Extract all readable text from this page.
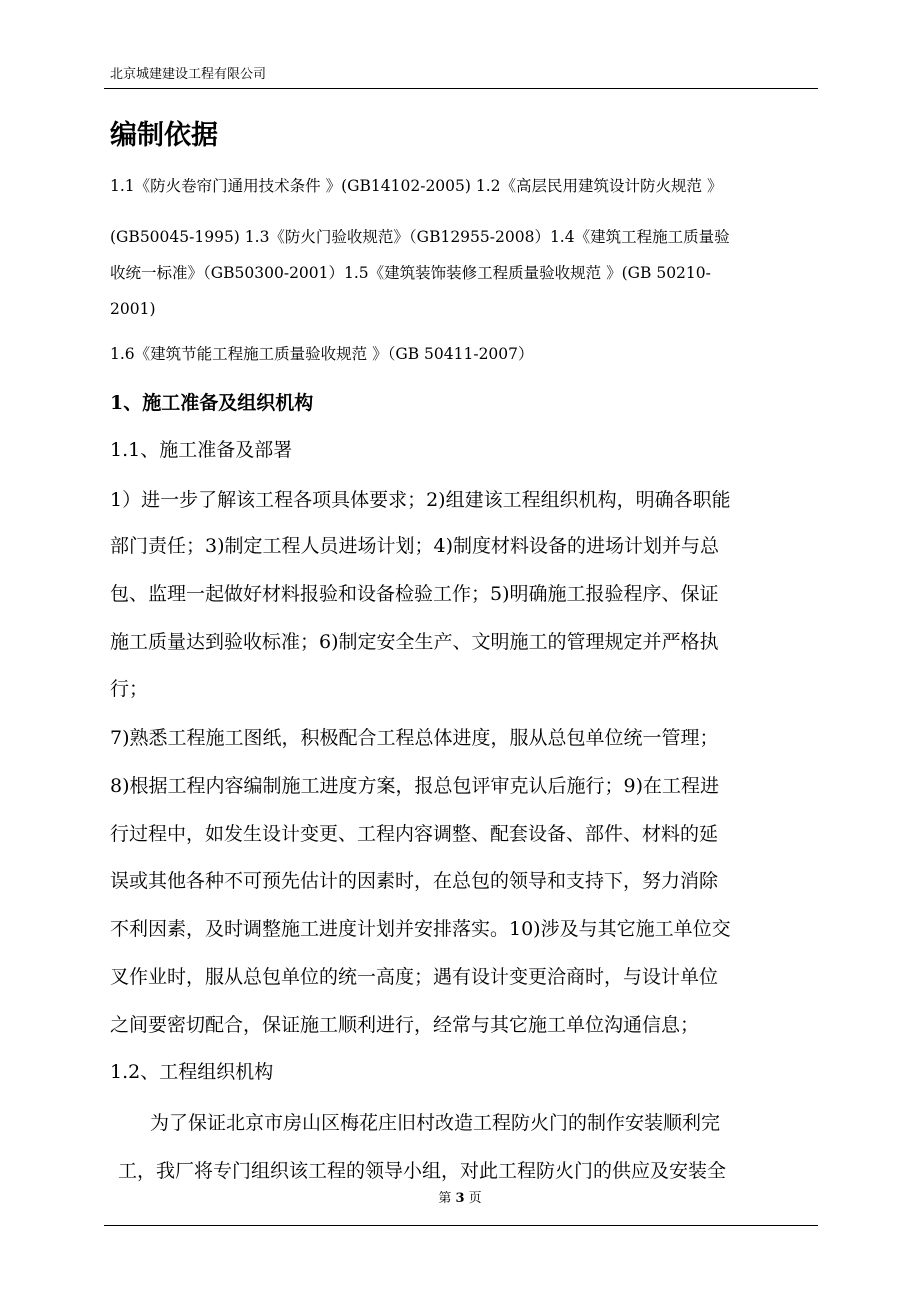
北京城建建设工程有限公司
编制依据
1.1《防火卷帘门通用技术条件 》(GB14102-2005) 1.2《高层民用建筑设计防火规范 》
(GB50045-1995) 1.3《防火门验收规范》（GB12955-2008）1.4《建筑工程施工质量验
收统一标准》（GB50300-2001）1.5《建筑装饰装修工程质量验收规范 》(GB 50210-
2001)
1.6《建筑节能工程施工质量验收规范 》（GB 50411-2007）
1、施工准备及组织机构
1.1、施工准备及部署
1）进一步了解该工程各项具体要求；2)组建该工程组织机构，明确各职能
部门责任；3)制定工程人员进场计划；4)制度材料设备的进场计划并与总
包、监理一起做好材料报验和设备检验工作；5)明确施工报验程序、保证
施工质量达到验收标准；6)制定安全生产、文明施工的管理规定并严格执
行；
7)熟悉工程施工图纸，积极配合工程总体进度，服从总包单位统一管理；
8)根据工程内容编制施工进度方案，报总包评审克认后施行；9)在工程进
行过程中，如发生设计变更、工程内容调整、配套设备、部件、材料的延
误或其他各种不可预先估计的因素时，在总包的领导和支持下，努力消除
不利因素，及时调整施工进度计划并安排落实。10)涉及与其它施工单位交
叉作业时，服从总包单位的统一高度；遇有设计变更洽商时，与设计单位
之间要密切配合，保证施工顺利进行，经常与其它施工单位沟通信息；
1.2、工程组织机构
为了保证北京市房山区梅花庄旧村改造工程防火门的制作安装顺利完
工，我厂将专门组织该工程的领导小组，对此工程防火门的供应及安装全
第 3 页
